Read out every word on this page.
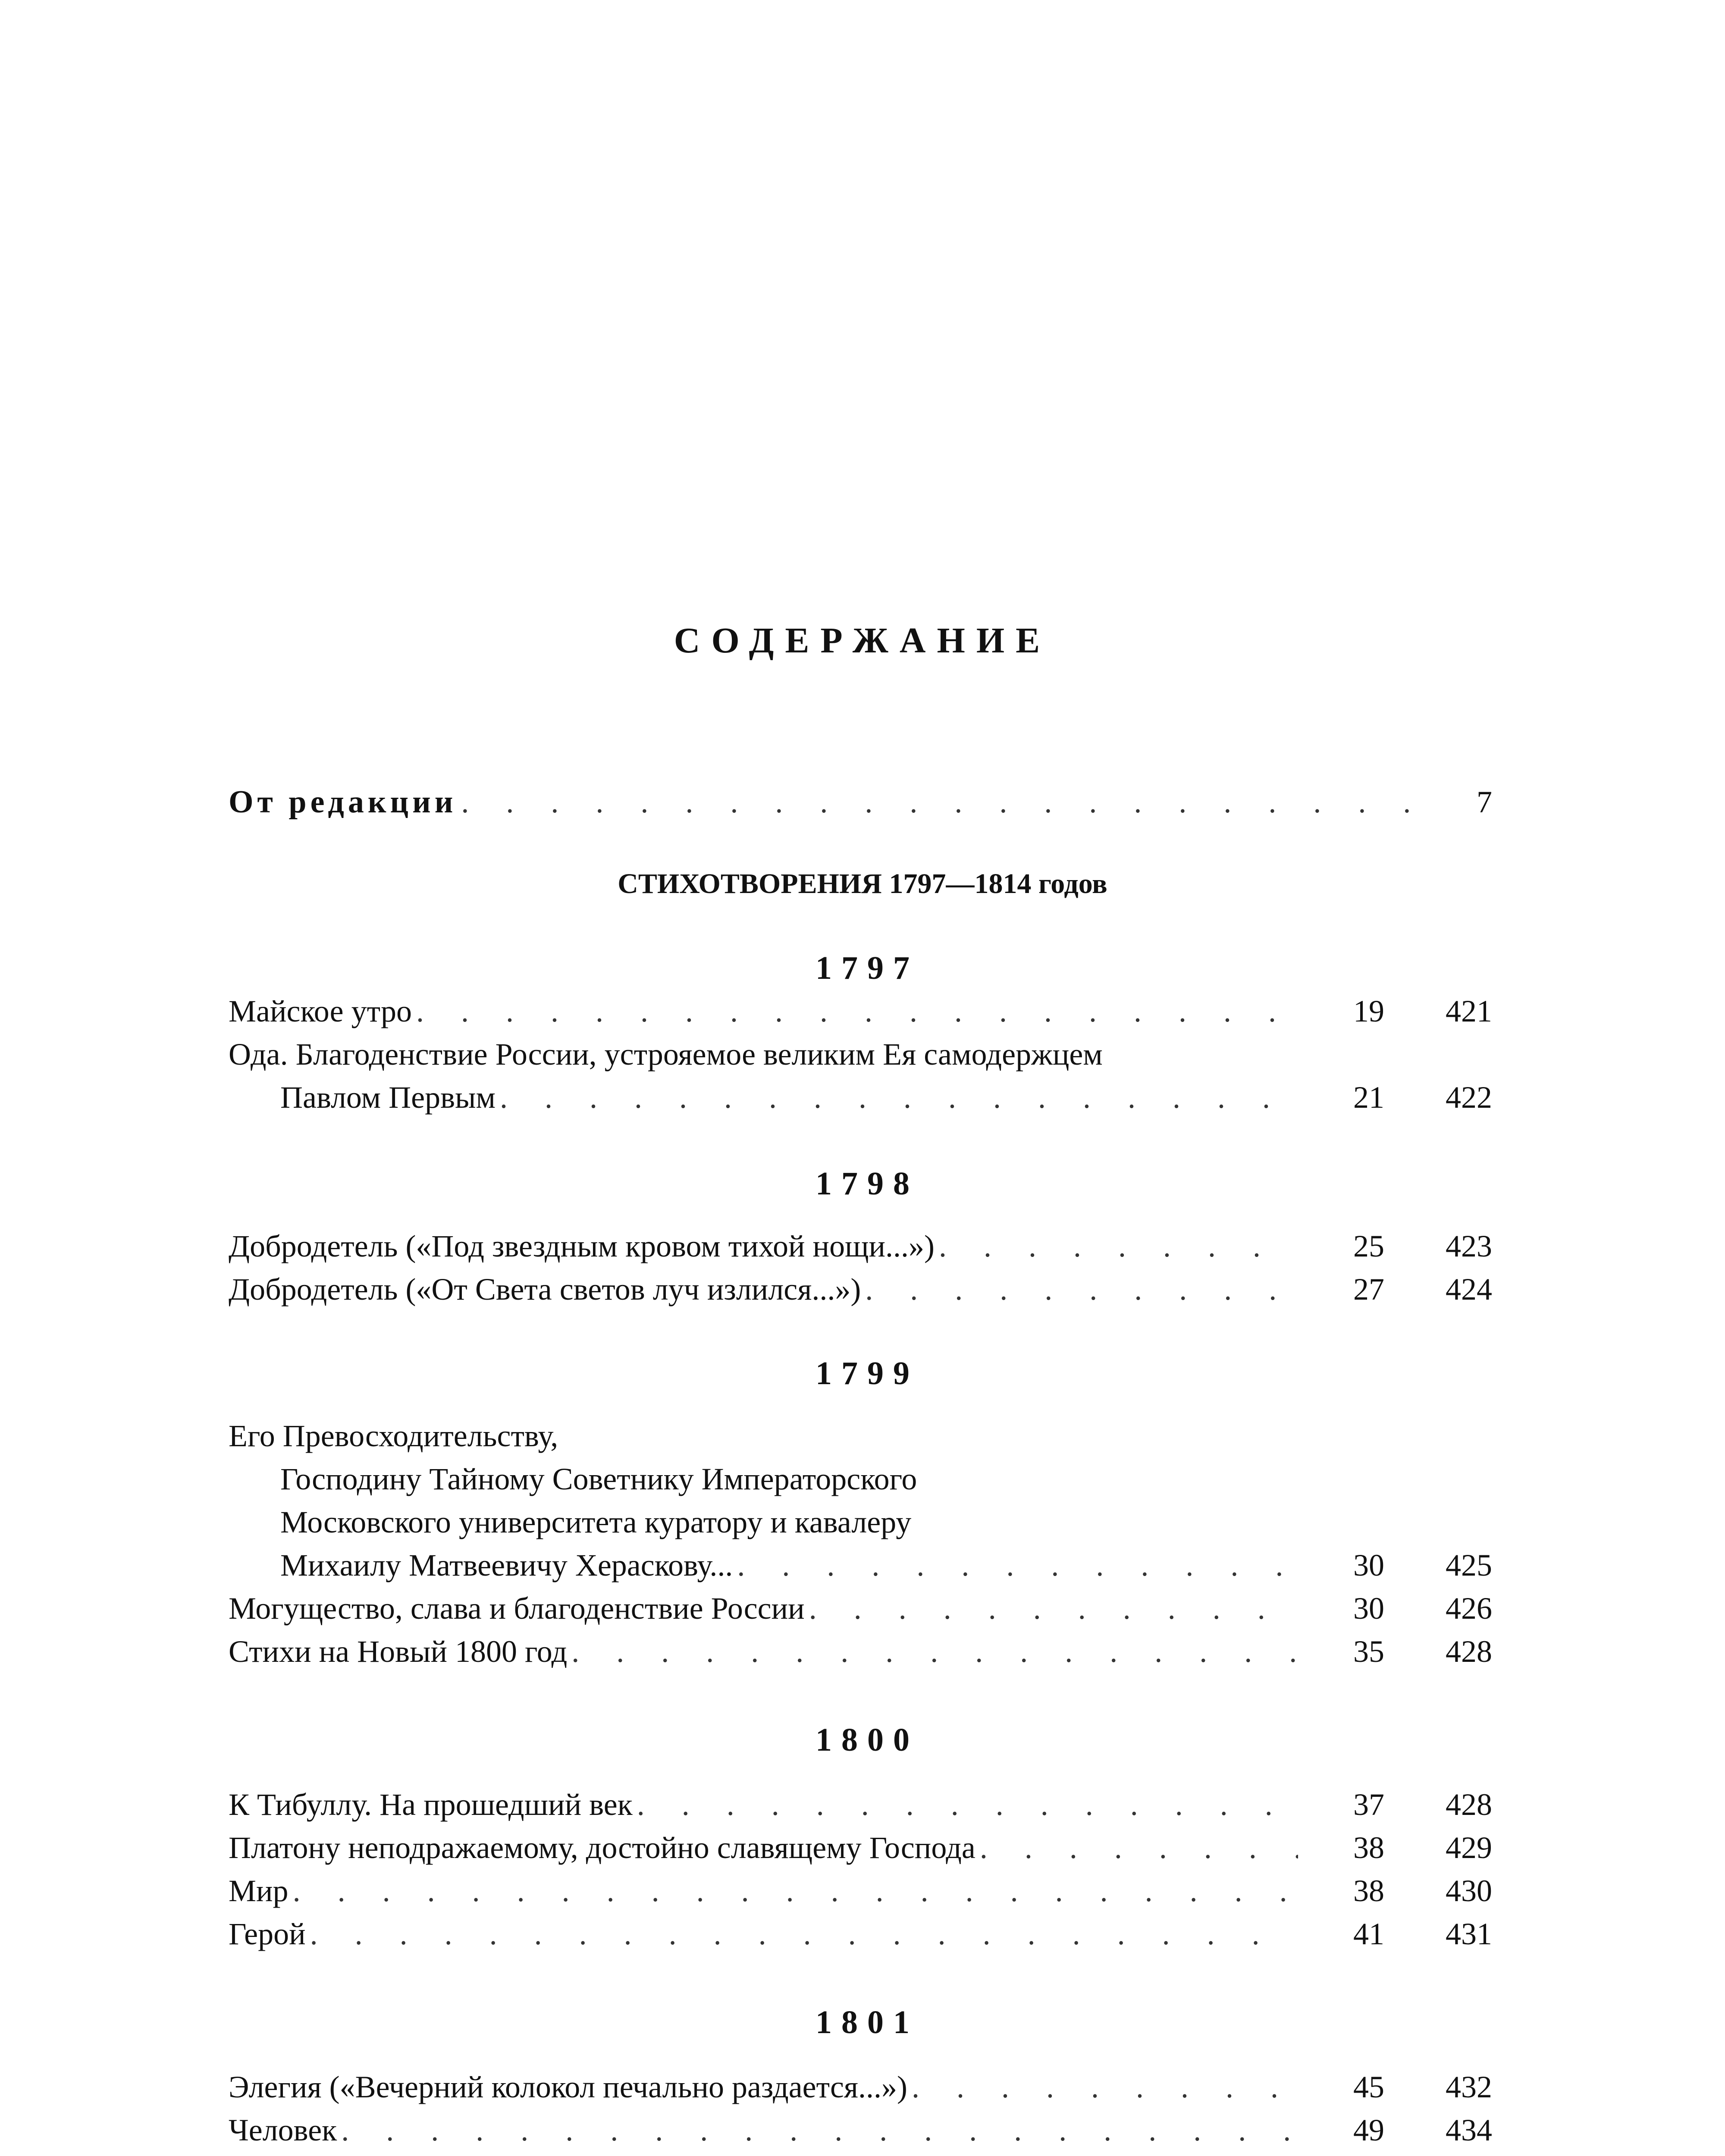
СОДЕРЖАНИЕ
От редакции . . .	7
СТИХОТВОРЕНИЯ 1797—1814 годов
1797
Майское утро . . .	19	421
Ода. Благоденствие России, устрояемое великим Ея самодержцем
Павлом Первым . . .	21	422
1798
Добродетель («Под звездным кровом тихой нощи...») . . .	25	423
Добродетель («От Света светов луч излился...») . . .	27	424
1799
Его Превосходительству,
Господину Тайному Советнику Императорского
Московского университета куратору и кавалеру
Михаилу Матвеевичу Хераскову... . . .	30	425
Могущество, слава и благоденствие России . . .	30	426
Стихи на Новый 1800 год . . .	35	428
1800
К Тибуллу. На прошедший век . . .	37	428
Платону неподражаемому, достойно славящему Господа . . .	38	429
Мир . . .	38	430
Герой . . .	41	431
1801
Элегия («Вечерний колокол печально раздается...») . . .	45	432
Человек . . .	49	434
